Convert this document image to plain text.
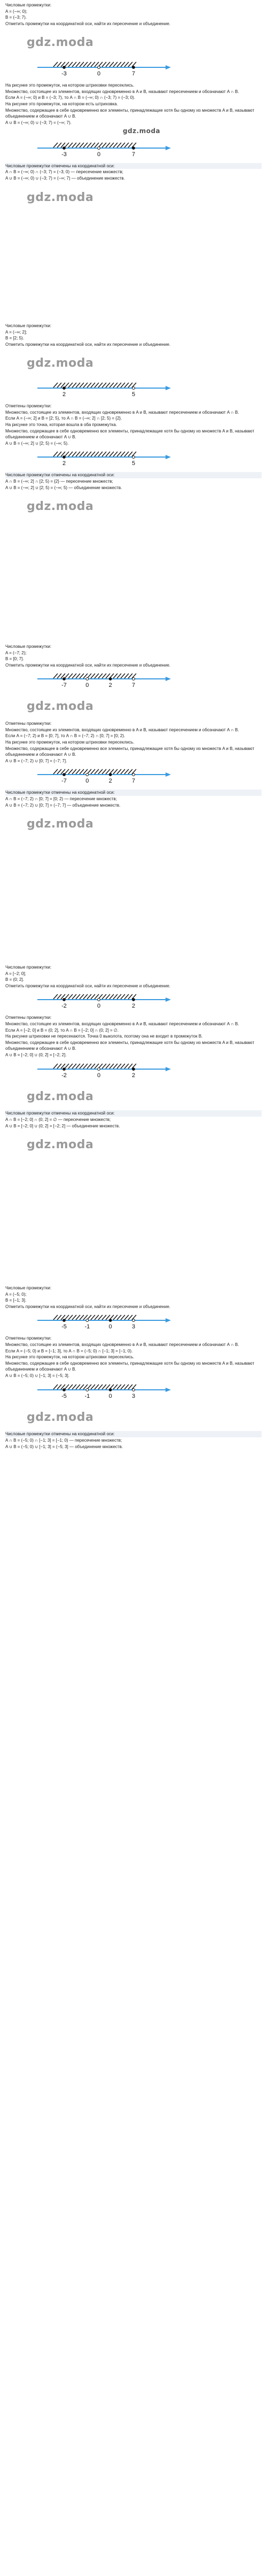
Числовые промежутки:

A = (−∞; 0);

B = (−3; 7).

Отметить промежутки на координатной оси, найти их пересечение и объединение.

gdz.moda
-3	0	7

На рисунке это промежуток, на котором штриховки пересеклись.

Множество, состоящее из элементов, входящих одновременно в A и B, называют пересечением и обозначают A ∩ B.

Если A = (−∞; 0) и B = (−3; 7), то A ∩ B = (−∞; 0) ∩ (−3; 7) = (−3; 0).

На рисунке это промежуток, на котором есть штриховка.

Множество, содержащее в себе одновременно все элементы, принадлежащие хотя бы одному из множеств A и B, называют объединением и обозначают A ∪ B.

A ∪ B = (−∞; 0) ∪ (−3; 7) = (−∞; 7).

gdz.moda
-3	0	7

Числовые промежутки отмечены на координатной оси:

A ∩ B = (−∞; 0) ∩ (−3; 7) = (−3; 0) — пересечение множеств;

A ∪ B = (−∞; 0) ∪ (−3; 7) = (−∞; 7) — объединение множеств.

gdz.moda

Числовые промежутки:

A = (−∞; 2];

B = [2; 5).

Отметить промежутки на координатной оси, найти их пересечение и объединение.

gdz.moda
2	5

Отметены промежутки:

Множество, состоящее из элементов, входящих одновременно в A и B, называют пересечением и обозначают A ∩ B.

Если A = (−∞; 2] и B = [2; 5), то A ∩ B = (−∞; 2] ∩ [2; 5) = {2}.

На рисунке это точка, которая вошла в оба промежутка.

Множество, содержащее в себе одновременно все элементы, принадлежащие хотя бы одному из множеств A и B, называют объединением и обозначают A ∪ B.

A ∪ B = (−∞; 2] ∪ [2; 5) = (−∞; 5).

2	5

Числовые промежутки отмечены на координатной оси:

A ∩ B = (−∞; 2] ∩ [2; 5) = {2} — пересечение множеств;

A ∪ B = (−∞; 2] ∪ [2; 5) = (−∞; 5) — объединение множеств.

gdz.moda

Числовые промежутки:

A = (−7; 2);

B = [0; 7].

Отметить промежутки на координатной оси, найти их пересечение и объединение.

-7	0	2	7
gdz.moda

Отметены промежутки:

Множество, состоящее из элементов, входящих одновременно в A и B, называют пересечением и обозначают A ∩ B.

Если A = (−7; 2) и B = [0; 7], то A ∩ B = (−7; 2) ∩ [0; 7] = [0; 2).

На рисунке это промежуток, на котором штриховки пересеклись.

Множество, содержащее в себе одновременно все элементы, принадлежащие хотя бы одному из множеств A и B, называют объединением и обозначают A ∪ B.

A ∪ B = (−7; 2) ∪ [0; 7] = (−7; 7].

-7	0	2	7

Числовые промежутки отмечены на координатной оси:

A ∩ B = (−7; 2) ∩ [0; 7] = [0; 2) — пересечение множеств;

A ∪ B = (−7; 2) ∪ [0; 7] = (−7; 7] — объединение множеств.

gdz.moda

Числовые промежутки:

A = [−2; 0];

B = (0; 2].

Отметить промежутки на координатной оси, найти их пересечение и объединение.

-2	0	2

Отметены промежутки:

Множество, состоящее из элементов, входящих одновременно в A и B, называют пересечением и обозначают A ∩ B.

Если A = [−2; 0] и B = (0; 2], то A ∩ B = [−2; 0] ∩ (0; 2] = ∅.

На рисунке штриховки не пересекаются. Точка 0 выколота, поэтому она не входит в промежуток B.

Множество, содержащее в себе одновременно все элементы, принадлежащие хотя бы одному из множеств A и B, называют объединением и обозначают A ∪ B.

A ∪ B = [−2; 0] ∪ (0; 2] = [−2; 2].

-2	0	2
gdz.moda

Числовые промежутки отмечены на координатной оси:

A ∩ B = [−2; 0] ∩ (0; 2] = ∅ — пересечение множеств;

A ∪ B = [−2; 0] ∪ (0; 2] = [−2; 2] — объединение множеств.

gdz.moda

Числовые промежутки:

A = (−5; 0);

B = [−1; 3].

Отметить промежутки на координатной оси, найти их пересечение и объединение.

-5	-1	0	3

Отметены промежутки:

Множество, состоящее из элементов, входящих одновременно в A и B, называют пересечением и обозначают A ∩ B.

Если A = (−5; 0) и B = [−1; 3], то A ∩ B = (−5; 0) ∩ [−1; 3] = [−1; 0).

На рисунке это промежуток, на котором штриховки пересеклись.

Множество, содержащее в себе одновременно все элементы, принадлежащие хотя бы одному из множеств A и B, называют объединением и обозначают A ∪ B.

A ∪ B = (−5; 0) ∪ [−1; 3] = (−5; 3].

-5	-1	0	3
gdz.moda

Числовые промежутки отмечены на координатной оси:

A ∩ B = (−5; 0) ∩ [−1; 3] = [−1; 0) — пересечение множеств;

A ∪ B = (−5; 0) ∪ [−1; 3] = (−5; 3] — объединение множеств.
